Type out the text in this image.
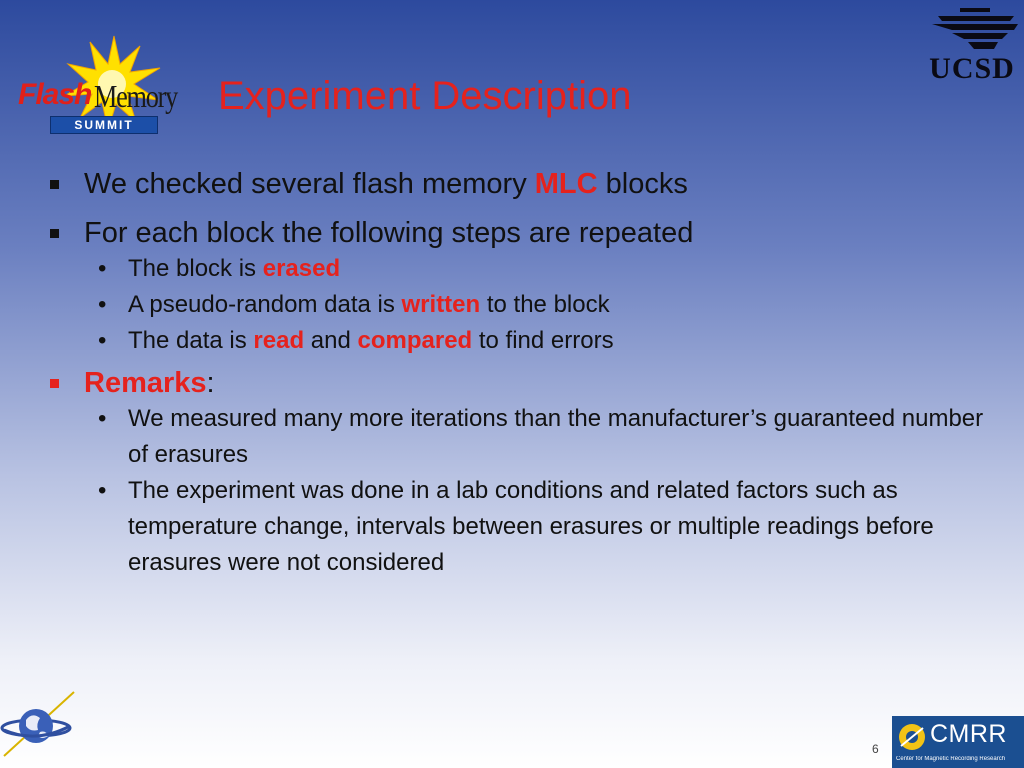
Flash Memory
SUMMIT
UCSD
Experiment Description
We checked several flash memory MLC blocks
For each block the following steps are repeated
• The block is erased
• A pseudo-random data is written to the block
• The data is read and compared to find errors
Remarks:
• We measured many more iterations than the manufacturer’s guaranteed number of erasures
• The experiment was done in a lab conditions and related factors such as temperature change, intervals between erasures or multiple readings before erasures were not considered
6
CMRR
Center for Magnetic Recording Research
